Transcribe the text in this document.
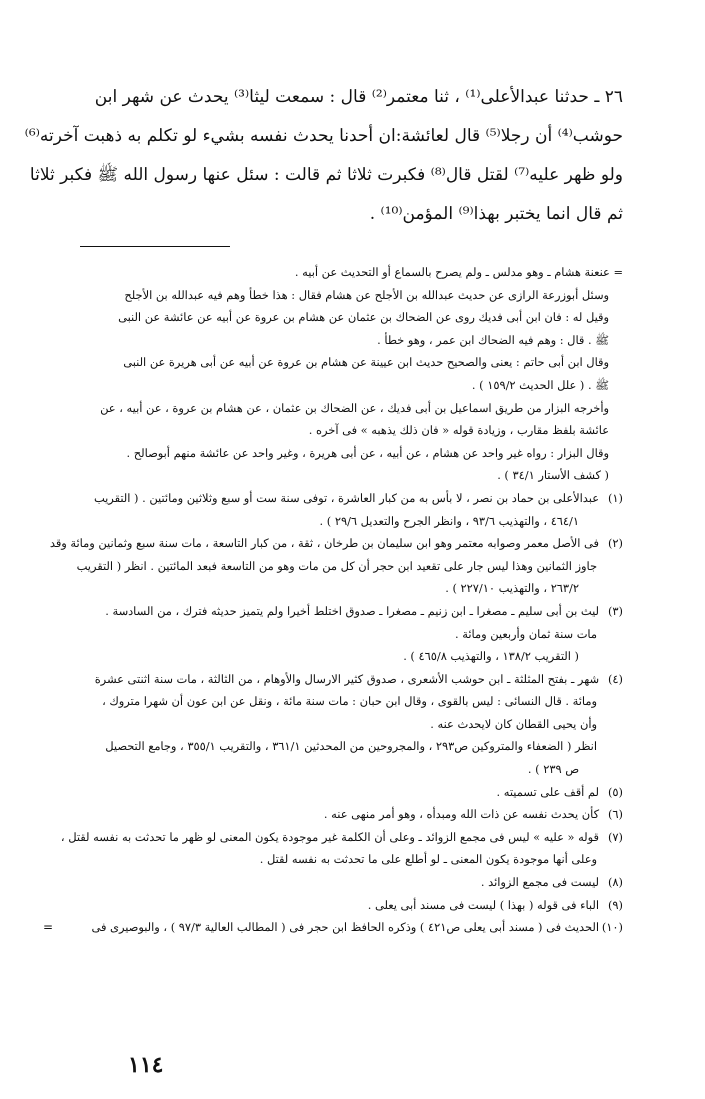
٢٦ ـ حدثنا عبدالأعلى⁽¹⁾ ، ثنا معتمر⁽²⁾ قال : سمعت ليثا⁽³⁾ يحدث عن شهر ابن
حوشب⁽⁴⁾ أن رجلا⁽⁵⁾ قال لعائشة:ان أحدنا يحدث نفسه بشيء لو تكلم به ذهبت آخرته⁽⁶⁾
ولو ظهر عليه⁽⁷⁾ لقتل قال⁽⁸⁾ فكبرت ثلاثا ثم قالت : سئل عنها رسول الله ﷺ فكبر ثلاثا
ثم قال انما يختبر بهذا⁽⁹⁾ المؤمن⁽¹⁰⁾ .
= عنعنة هشام ـ وهو مدلس ـ ولم يصرح بالسماع أو التحديث عن أبيه .
وسئل أبوزرعة الرازى عن حديث عبدالله بن الأجلح عن هشام فقال : هذا خطأ وهم فيه عبدالله بن الأجلح
وقيل له : فان ابن أبى فديك روى عن الضحاك بن عثمان عن هشام بن عروة عن أبيه عن عائشة عن النبى
ﷺ . قال : وهم فيه الضحاك ابن عمر ، وهو خطأ .
وقال ابن أبى حاتم : يعنى والصحيح حديث ابن عيينة عن هشام بن عروة عن أبيه عن أبى هريرة عن النبى
ﷺ . ( علل الحديث ١٥٩/٢ ) .
وأخرجه البزار من طريق اسماعيل بن أبى فديك ، عن الضحاك بن عثمان ، عن هشام بن عروة ، عن أبيه ، عن
عائشة بلفظ مقارب ، وزيادة قوله « فان ذلك يذهبه » فى آخره .
وقال البزار : رواه غير واحد عن هشام ، عن أبيه ، عن أبى هريرة ، وغير واحد عن عائشة منهم أبوصالح .
( كشف الأستار ٣٤/١ ) .
(١)عبدالأعلى بن حماد بن نصر ، لا بأس به من كبار العاشرة ، توفى سنة ست أو سبع وثلاثين ومائتين . ( التقريب
٤٦٤/١ ، والتهذيب ٩٣/٦ ، وانظر الجرح والتعديل ٢٩/٦ ) .
(٢)فى الأصل معمر وصوابه معتمر وهو ابن سليمان بن طرخان ، ثقة ، من كبار التاسعة ، مات سنة سبع وثمانين ومائة وقد
جاوز الثمانين وهذا ليس جار على تقعيد ابن حجر أن كل من مات وهو من التاسعة فبعد المائتين . انظر ( التقريب
٢٦٣/٢ ، والتهذيب ٢٢٧/١٠ ) .
(٣)ليث بن أبى سليم ـ مصغرا ـ ابن زنيم ـ مصغرا ـ صدوق اختلط أخيرا ولم يتميز حديثه فترك ، من السادسة .
مات سنة ثمان وأربعين ومائة .
( التقريب ١٣٨/٢ ، والتهذيب ٤٦٥/٨ ) .
(٤)شهر ـ بفتح المثلثة ـ ابن حوشب الأشعرى ، صدوق كثير الارسال والأوهام ، من الثالثة ، مات سنة اثنتى عشرة
ومائة . قال النسائى : ليس بالقوى ، وقال ابن حبان : مات سنة مائة ، ونقل عن ابن عون أن شهرا متروك ،
وأن يحيى القطان كان لايحدث عنه .
انظر ( الضعفاء والمتروكين ص٢٩٣ ، والمجروحين من المحدثين ٣٦١/١ ، والتقريب ٣٥٥/١ ، وجامع التحصيل
ص ٢٣٩ ) .
(٥)لم أقف على تسميته .
(٦)كأن يحدث نفسه عن ذات الله ومبدأه ، وهو أمر منهى عنه .
(٧)قوله « عليه » ليس فى مجمع الزوائد ـ وعلى أن الكلمة غير موجودة يكون المعنى لو ظهر ما تحدثت به نفسه لقتل ،
وعلى أنها موجودة يكون المعنى ـ لو أطلع على ما تحدثت به نفسه لقتل .
(٨)ليست فى مجمع الزوائد .
(٩)الباء فى قوله ( بهذا ) ليست فى مسند أبى يعلى .
(١٠)الحديث فى ( مسند أبى يعلى ص٤٢١ ) وذكره الحافظ ابن حجر فى ( المطالب العالية ٩٧/٣ ) ، والبوصيرى فى
=
١١٤
